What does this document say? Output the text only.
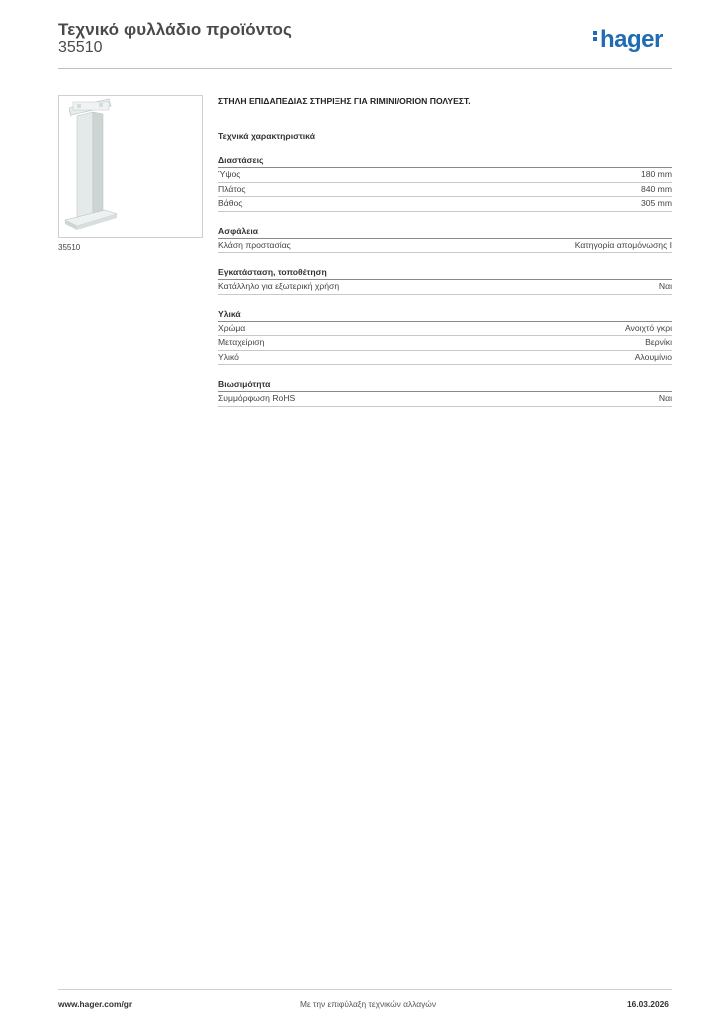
Τεχνικό φυλλάδιο προϊόντος
35510	hager
35510
ΣΤΗΛΗ ΕΠΙΔΑΠΕΔΙΑΣ ΣΤΗΡΙΞΗΣ ΓΙΑ RIMINI/ORION ΠΟΛΥΕΣΤ.
Τεχνικά χαρακτηριστικά
Διαστάσεις
Ύψος	180 mm
Πλάτος	840 mm
Βάθος	305 mm
Ασφάλεια
Κλάση προστασίας	Κατηγορία απομόνωσης I
Εγκατάσταση, τοποθέτηση
Κατάλληλο για εξωτερική χρήση	Ναι
Υλικά
Χρώμα	Ανοιχτό γκρι
Μεταχείριση	Βερνίκι
Υλικό	Αλουμίνιο
Βιωσιμότητα
Συμμόρφωση RoHS	Ναι
www.hager.com/gr	Με την επιφύλαξη τεχνικών αλλαγών	16.03.2026
